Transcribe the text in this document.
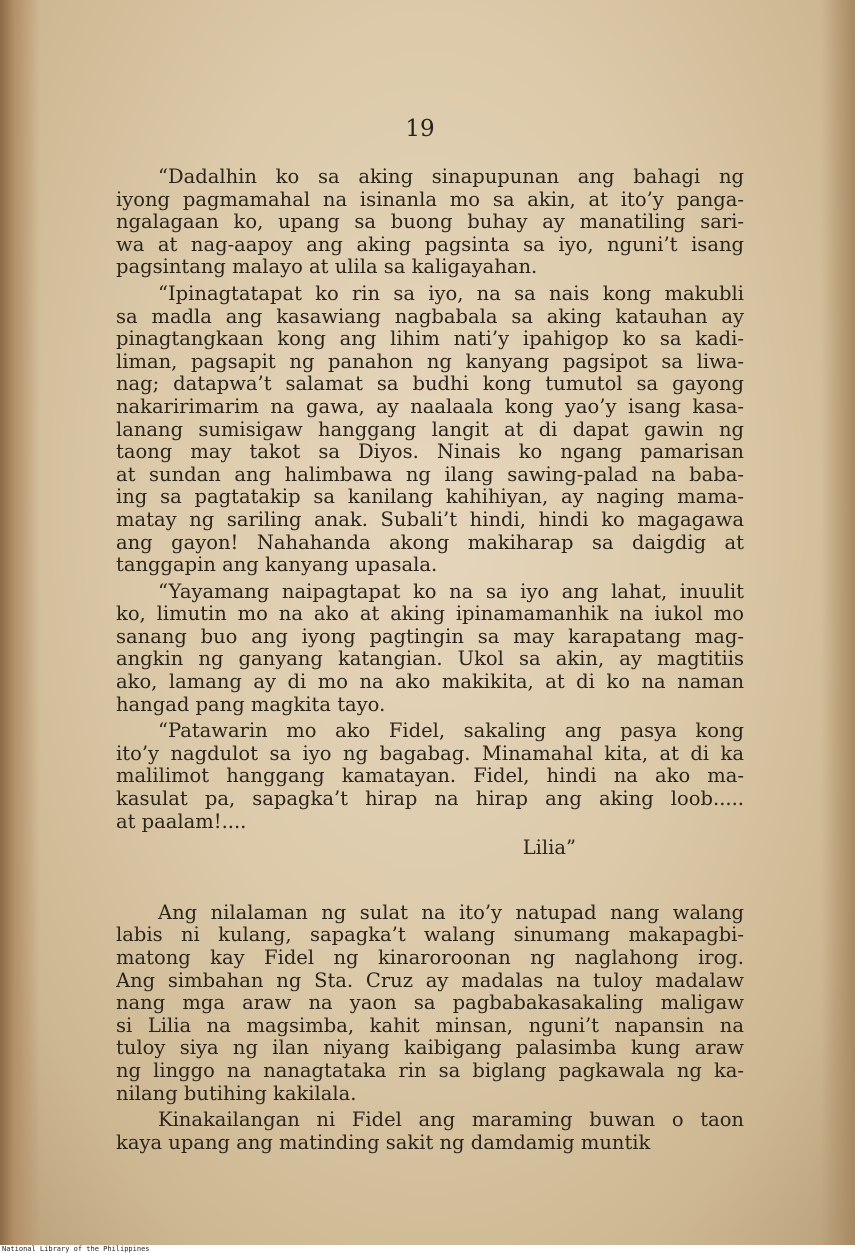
19

“Dadalhin ko sa aking sinapupunan ang bahagi ng
iyong pagmamahal na isinanla mo sa akin, at ito’y panga-
ngalagaan ko, upang sa buong buhay ay manatiling sari-
wa at nag-aapoy ang aking pagsinta sa iyo, nguni’t isang
pagsintang malayo at ulila sa kaligayahan.

“Ipinagtatapat ko rin sa iyo, na sa nais kong makubli
sa madla ang kasawiang nagbabala sa aking katauhan ay
pinagtangkaan kong ang lihim nati’y ipahigop ko sa kadi-
liman, pagsapit ng panahon ng kanyang pagsipot sa liwa-
nag; datapwa’t salamat sa budhi kong tumutol sa gayong
nakaririmarim na gawa, ay naalaala kong yao’y isang kasa-
lanang sumisigaw hanggang langit at di dapat gawin ng
taong may takot sa Diyos. Ninais ko ngang pamarisan
at sundan ang halimbawa ng ilang sawing-palad na baba-
ing sa pagtatakip sa kanilang kahihiyan, ay naging mama-
matay ng sariling anak. Subali’t hindi, hindi ko magagawa
ang gayon! Nahahanda akong makiharap sa daigdig at
tanggapin ang kanyang upasala.

“Yayamang naipagtapat ko na sa iyo ang lahat, inuulit
ko, limutin mo na ako at aking ipinamamanhik na iukol mo
sanang buo ang iyong pagtingin sa may karapatang mag-
angkin ng ganyang katangian. Ukol sa akin, ay magtitiis
ako, lamang ay di mo na ako makikita, at di ko na naman
hangad pang magkita tayo.

“Patawarin mo ako Fidel, sakaling ang pasya kong
ito’y nagdulot sa iyo ng bagabag. Minamahal kita, at di ka
malilimot hanggang kamatayan. Fidel, hindi na ako ma-
kasulat pa, sapagka’t hirap na hirap ang aking loob.....
at paalam!....

Lilia”

Ang nilalaman ng sulat na ito’y natupad nang walang
labis ni kulang, sapagka’t walang sinumang makapagbi-
matong kay Fidel ng kinaroroonan ng naglahong irog.
Ang simbahan ng Sta. Cruz ay madalas na tuloy madalaw
nang mga araw na yaon sa pagbabakasakaling maligaw
si Lilia na magsimba, kahit minsan, nguni’t napansin na
tuloy siya ng ilan niyang kaibigang palasimba kung araw
ng linggo na nanagtataka rin sa biglang pagkawala ng ka-
nilang butihing kakilala.

Kinakailangan ni Fidel ang maraming buwan o taon
kaya upang ang matinding sakit ng damdamig muntik

National Library of the Philippines
